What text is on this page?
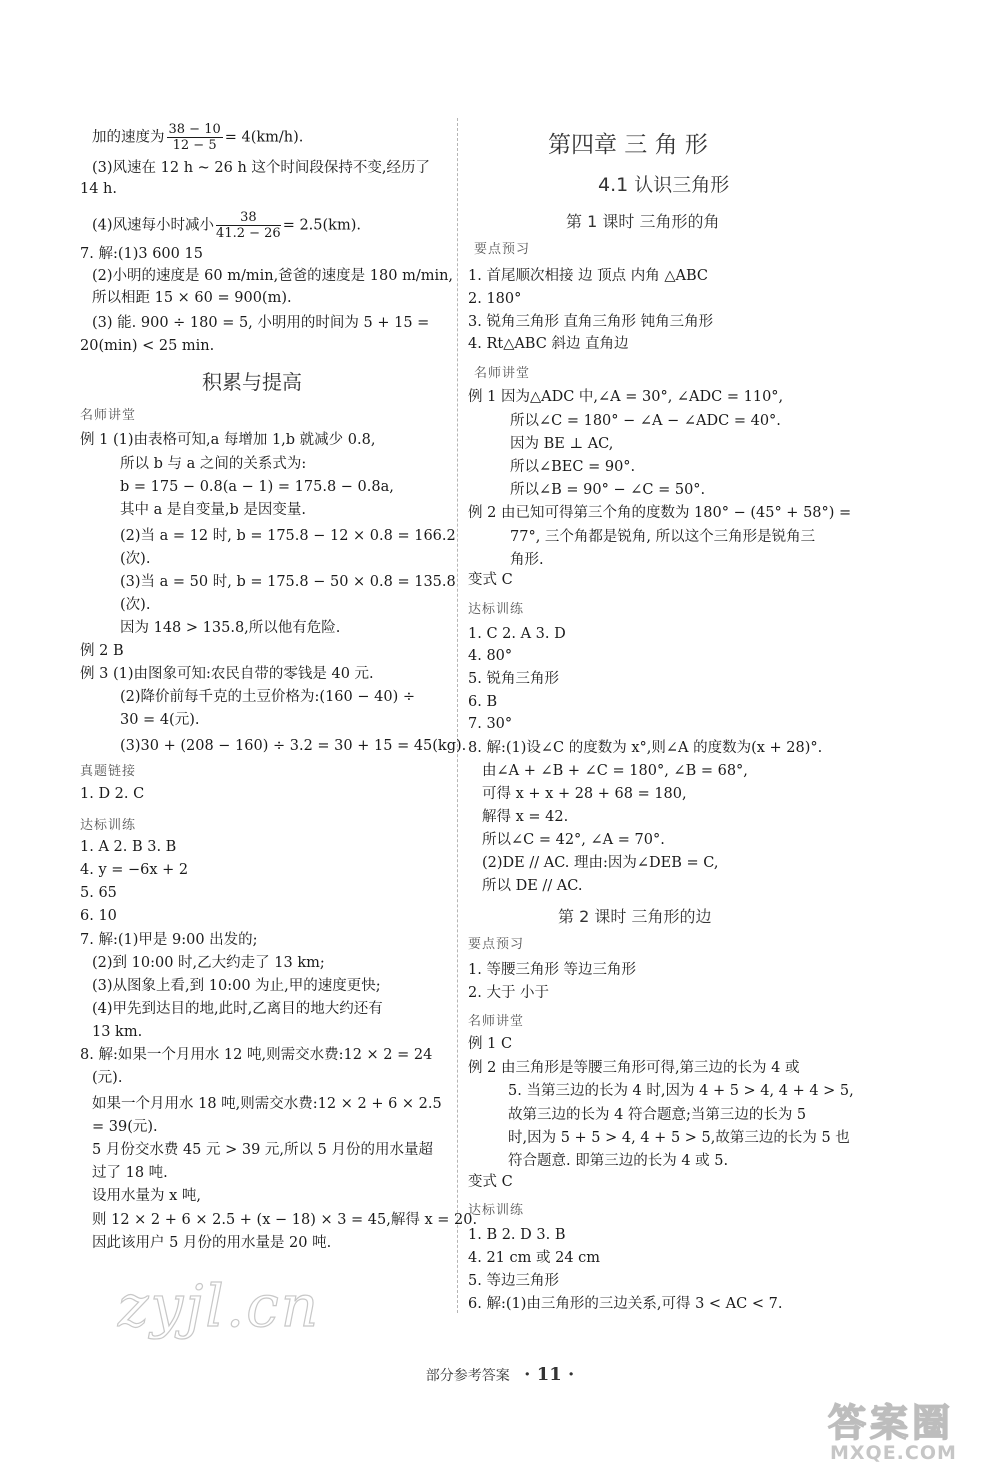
加的速度为 $\frac{38 - 10}{12 - 5} = 4(km/h)$.
(3)风速在 12 h ~ 26 h 这个时间段保持不变,经历了
14 h.
(4)风速每小时减小 $\frac{38}{41.2 - 26} = 2.5(km)$.
7. 解:(1)3 600 15
(2)小明的速度是 60 m/min,爸爸的速度是 180 m/min,
所以相距 15 × 60 = 900(m).
(3) 能. 900 ÷ 180 = 5, 小明用的时间为 5 + 15 =
20(min) < 25 min.
积累与提高
名师讲堂
例 1 (1)由表格可知,a 每增加 1,b 就减少 0.8,
所以 b 与 a 之间的关系式为:
b = 175 − 0.8(a − 1) = 175.8 − 0.8a,
其中 a 是自变量,b 是因变量.
(2)当 a = 12 时, b = 175.8 − 12 × 0.8 = 166.2
(次).
(3)当 a = 50 时, b = 175.8 − 50 × 0.8 = 135.8
(次).
因为 148 > 135.8,所以他有危险.
例 2 B
例 3 (1)由图象可知:农民自带的零钱是 40 元.
(2)降价前每千克的土豆价格为:(160 − 40) ÷
30 = 4(元).
(3)30 + (208 − 160) ÷ 3.2 = 30 + 15 = 45(kg).
真题链接
1. D 2. C
达标训练
1. A 2. B 3. B
4. y = −6x + 2
5. 65
6. 10
7. 解:(1)甲是 9:00 出发的;
(2)到 10:00 时,乙大约走了 13 km;
(3)从图象上看,到 10:00 为止,甲的速度更快;
(4)甲先到达目的地,此时,乙离目的地大约还有
13 km.
8. 解:如果一个月用水 12 吨,则需交水费:12 × 2 = 24
(元).
如果一个月用水 18 吨,则需交水费:12 × 2 + 6 × 2.5
= 39(元).
5 月份交水费 45 元 > 39 元,所以 5 月份的用水量超
过了 18 吨.
设用水量为 x 吨,
则 12 × 2 + 6 × 2.5 + (x − 18) × 3 = 45,解得 x = 20.
因此该用户 5 月份的用水量是 20 吨.
第四章 三 角 形
4.1 认识三角形
第 1 课时 三角形的角
要点预习
1. 首尾顺次相接 边 顶点 内角 △ABC
2. 180°
3. 锐角三角形 直角三角形 钝角三角形
4. Rt△ABC 斜边 直角边
名师讲堂
例 1 因为△ADC 中,∠A = 30°, ∠ADC = 110°,
所以∠C = 180° − ∠A − ∠ADC = 40°.
因为 BE ⊥ AC,
所以∠BEC = 90°.
所以∠B = 90° − ∠C = 50°.
例 2 由已知可得第三个角的度数为 180° − (45° + 58°) =
77°, 三个角都是锐角, 所以这个三角形是锐角三
角形.
变式 C
达标训练
1. C 2. A 3. D
4. 80°
5. 锐角三角形
6. B
7. 30°
8. 解:(1)设∠C 的度数为 x°,则∠A 的度数为(x + 28)°.
由∠A + ∠B + ∠C = 180°, ∠B = 68°,
可得 x + x + 28 + 68 = 180,
解得 x = 42.
所以∠C = 42°, ∠A = 70°.
(2)DE // AC. 理由:因为∠DEB = C,
所以 DE // AC.
第 2 课时 三角形的边
要点预习
1. 等腰三角形 等边三角形
2. 大于 小于
名师讲堂
例 1 C
例 2 由三角形是等腰三角形可得,第三边的长为 4 或
5. 当第三边的长为 4 时,因为 4 + 5 > 4, 4 + 4 > 5,
故第三边的长为 4 符合题意;当第三边的长为 5
时,因为 5 + 5 > 4, 4 + 5 > 5,故第三边的长为 5 也
符合题意. 即第三边的长为 4 或 5.
变式 C
达标训练
1. B 2. D 3. B
4. 21 cm 或 24 cm
5. 等边三角形
6. 解:(1)由三角形的三边关系,可得 3 < AC < 7.
zyjl.cn
部分参考答案 · 11 ·
答案圈
MXQE.COM
